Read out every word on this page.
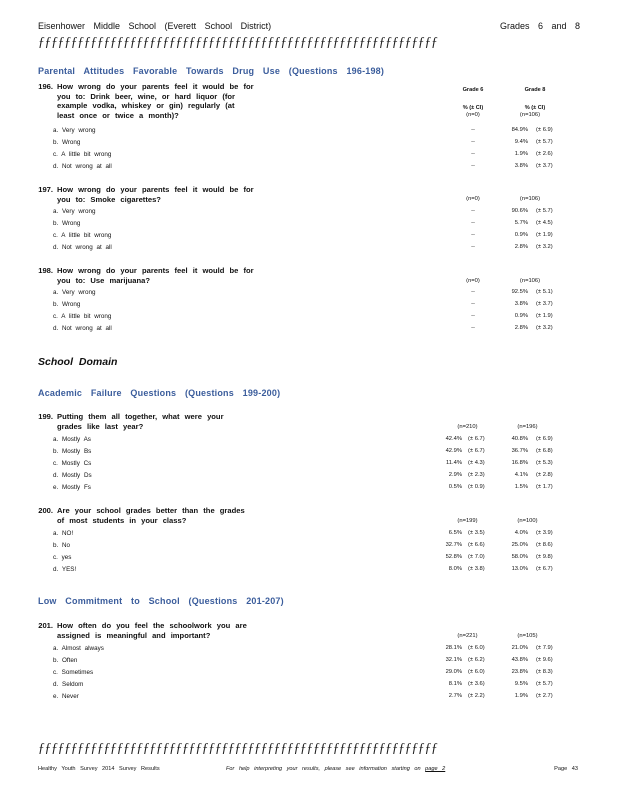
Eisenhower Middle School (Everett School District)	Grades 6 and 8
ƒƒƒƒƒƒƒƒƒƒƒƒƒƒƒƒƒƒƒƒƒƒƒƒƒƒƒƒƒƒƒƒƒƒƒƒƒƒƒƒƒƒƒƒƒƒƒƒƒƒƒƒƒƒƒƒƒƒƒƒƒ
Parental Attitudes Favorable Towards Drug Use (Questions 196-198)
Grade 6	Grade 8
% (± CI)	% (± CI)
196. How wrong do your parents feel it would be for
you to: Drink beer, wine, or hard liquor (for
example vodka, whiskey or gin) regularly (at
least once or twice a month)?	(n=0)	(n=106)
a. Very wrong	--	84.9% (± 6.9)
b. Wrong	--	9.4% (± 5.7)
c. A little bit wrong	--	1.9% (± 2.6)
d. Not wrong at all	--	3.8% (± 3.7)
197. How wrong do your parents feel it would be for
you to: Smoke cigarettes?	(n=0)	(n=106)
a. Very wrong	--	90.6% (± 5.7)
b. Wrong	--	5.7% (± 4.5)
c. A little bit wrong	--	0.9% (± 1.9)
d. Not wrong at all	--	2.8% (± 3.2)
198. How wrong do your parents feel it would be for
you to: Use marijuana?	(n=0)	(n=106)
a. Very wrong	--	92.5% (± 5.1)
b. Wrong	--	3.8% (± 3.7)
c. A little bit wrong	--	0.9% (± 1.9)
d. Not wrong at all	--	2.8% (± 3.2)
School Domain
Academic Failure Questions (Questions 199-200)
199. Putting them all together, what were your
grades like last year?	(n=210)	(n=196)
a. Mostly As	42.4% (± 6.7)	40.8% (± 6.9)
b. Mostly Bs	42.9% (± 6.7)	36.7% (± 6.8)
c. Mostly Cs	11.4% (± 4.3)	16.8% (± 5.3)
d. Mostly Ds	2.9% (± 2.3)	4.1% (± 2.8)
e. Mostly Fs	0.5% (± 0.9)	1.5% (± 1.7)
200. Are your school grades better than the grades
of most students in your class?	(n=199)	(n=100)
a. NO!	6.5% (± 3.5)	4.0% (± 3.9)
b. No	32.7% (± 6.6)	25.0% (± 8.6)
c. yes	52.8% (± 7.0)	58.0% (± 9.8)
d. YES!	8.0% (± 3.8)	13.0% (± 6.7)
Low Commitment to School (Questions 201-207)
201. How often do you feel the schoolwork you are
assigned is meaningful and important?	(n=221)	(n=105)
a. Almost always	28.1% (± 6.0)	21.0% (± 7.9)
b. Often	32.1% (± 6.2)	43.8% (± 9.6)
c. Sometimes	29.0% (± 6.0)	23.8% (± 8.3)
d. Seldom	8.1% (± 3.6)	9.5% (± 5.7)
e. Never	2.7% (± 2.2)	1.9% (± 2.7)
ƒƒƒƒƒƒƒƒƒƒƒƒƒƒƒƒƒƒƒƒƒƒƒƒƒƒƒƒƒƒƒƒƒƒƒƒƒƒƒƒƒƒƒƒƒƒƒƒƒƒƒƒƒƒƒƒƒƒƒƒƒ
Healthy Youth Survey 2014 Survey Results	For help interpreting your results, please see information starting on page 2	Page 43
